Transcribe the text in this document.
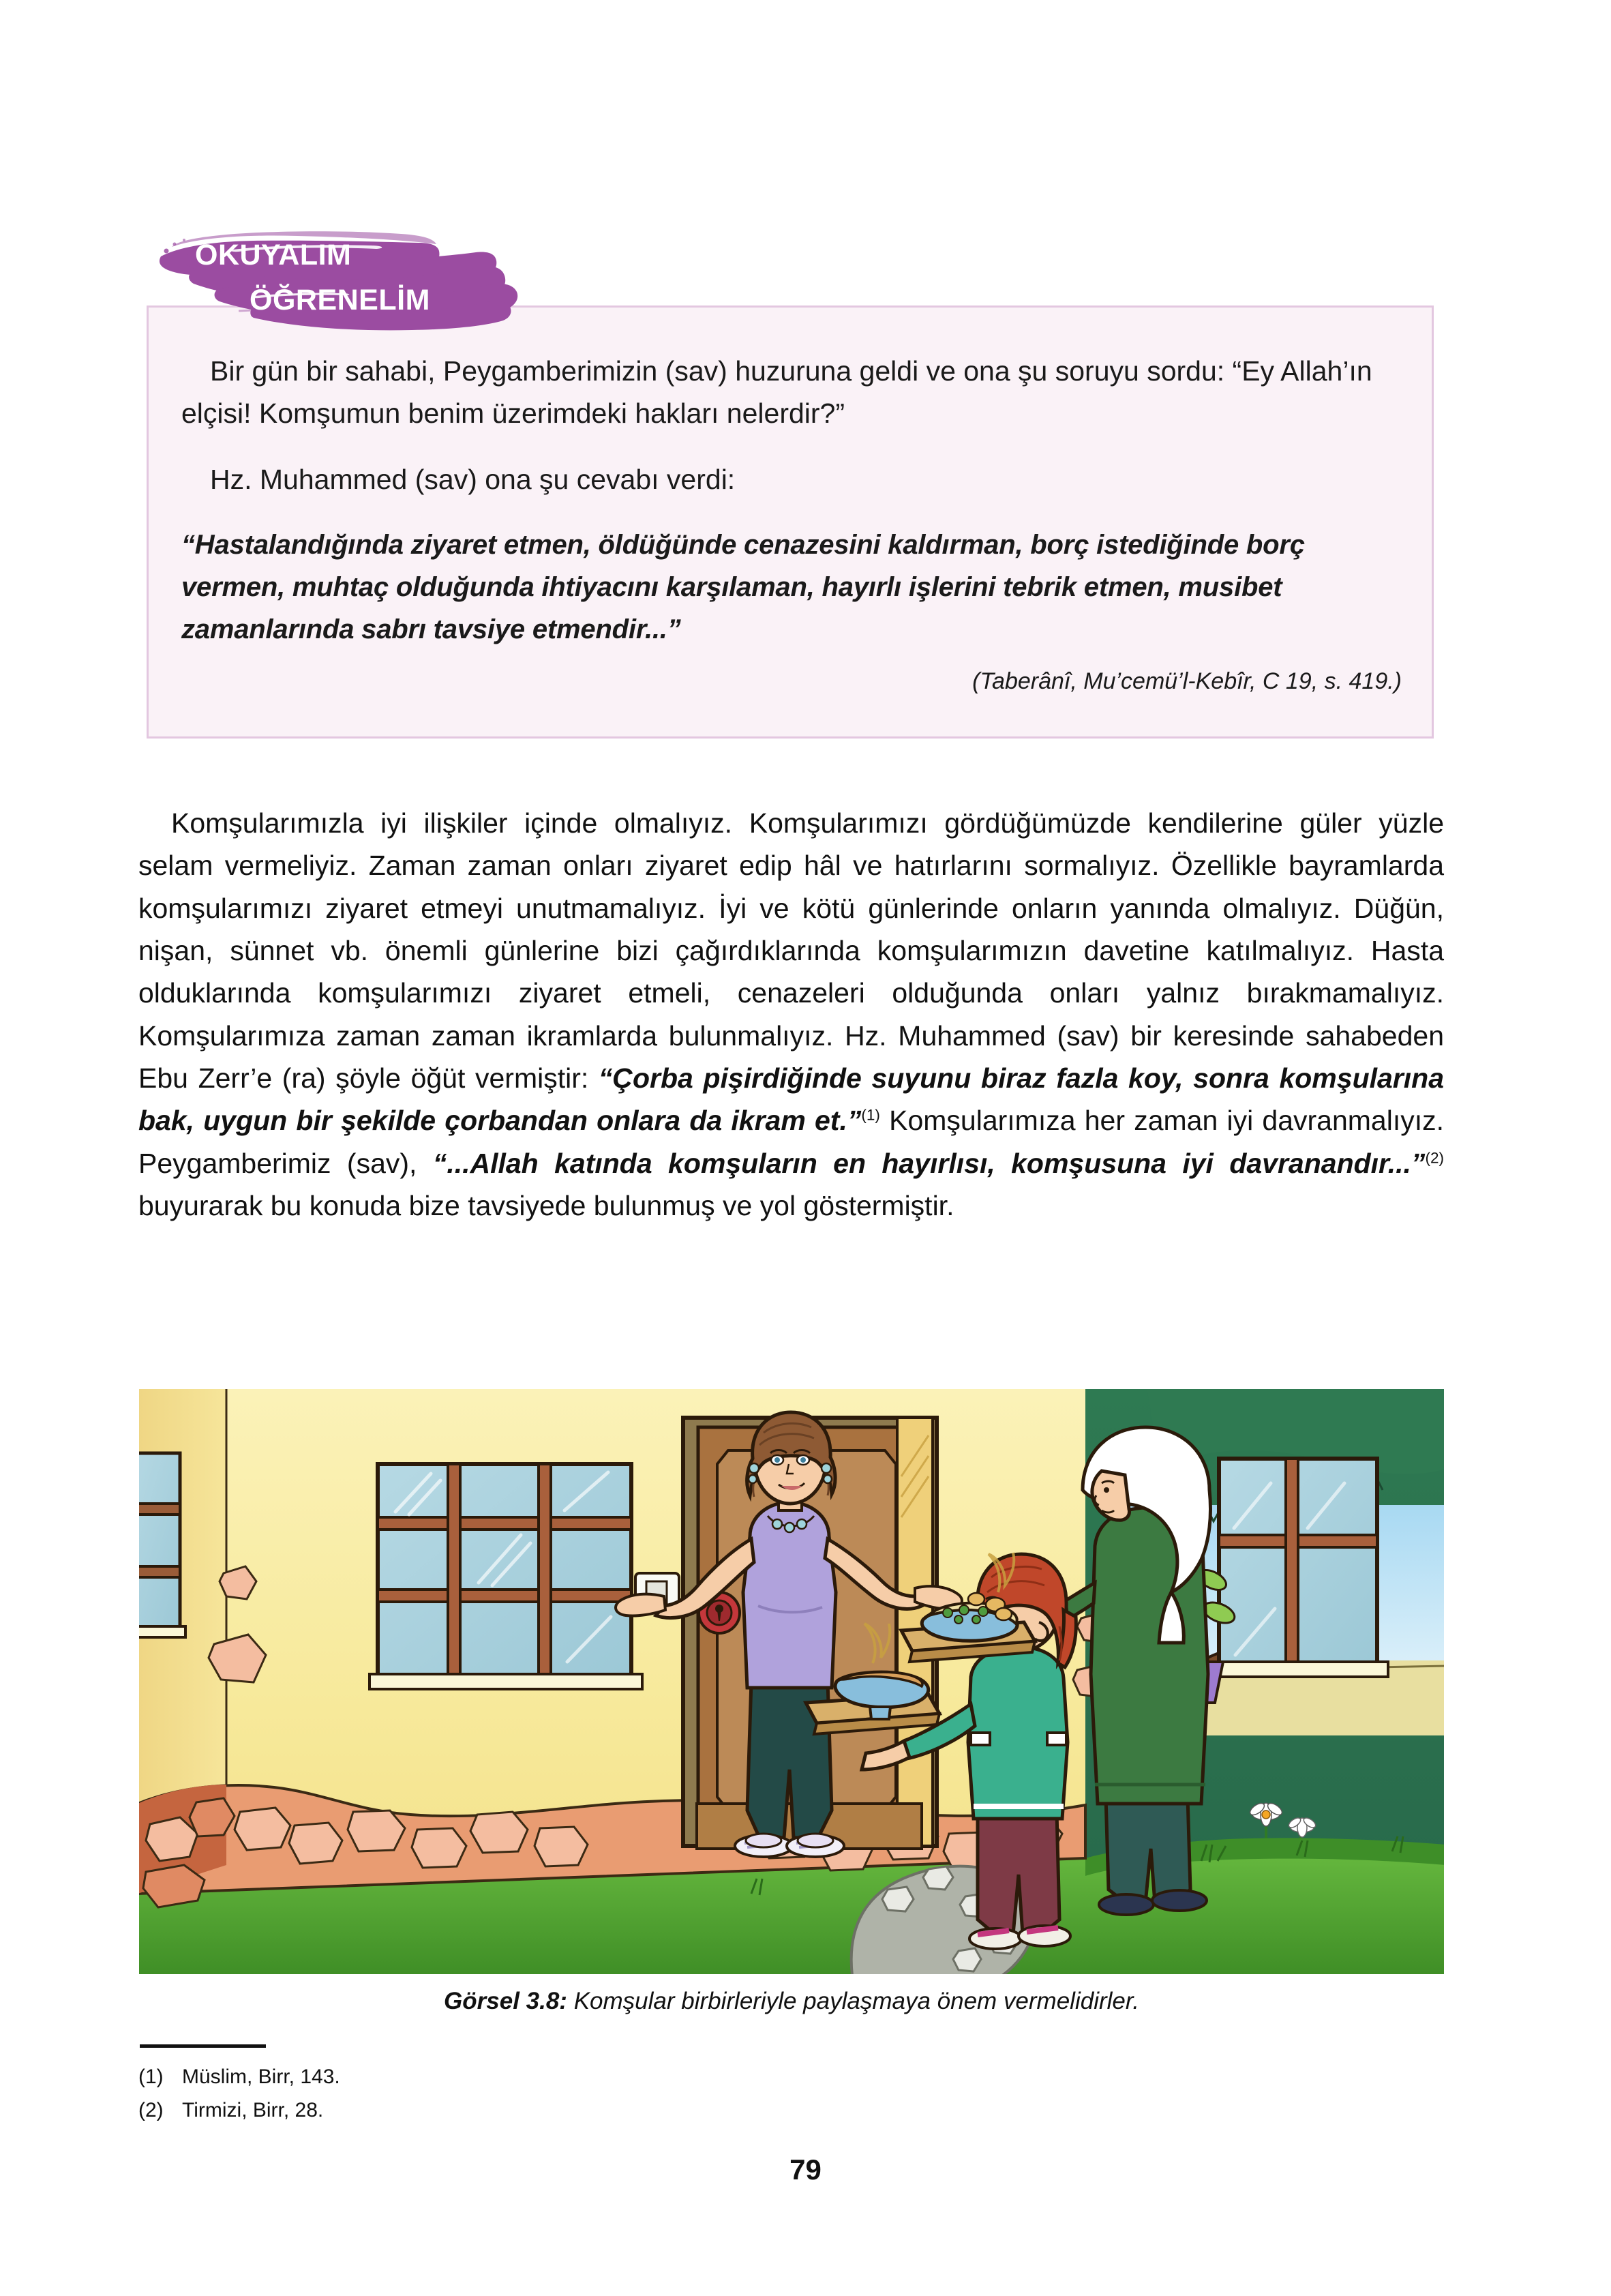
OKUYALIM
ÖĞRENELİM

Bir gün bir sahabi, Peygamberimizin (sav) huzuruna geldi ve ona şu soruyu sordu: “Ey Allah’ın elçisi! Komşumun benim üzerimdeki hakları nelerdir?”

Hz. Muhammed (sav) ona şu cevabı verdi:

“Hastalandığında ziyaret etmen, öldüğünde cenazesini kaldırman, borç istediğinde borç vermen, muhtaç olduğunda ihtiyacını karşılaman, hayırlı işlerini tebrik etmen, musibet zamanlarında sabrı tavsiye etmendir...”

(Taberânî, Mu’cemü’l-Kebîr, C 19, s. 419.)

Komşularımızla iyi ilişkiler içinde olmalıyız. Komşularımızı gördüğümüzde kendilerine güler yüzle selam vermeliyiz. Zaman zaman onları ziyaret edip hâl ve hatırlarını sormalıyız. Özellikle bayramlarda komşularımızı ziyaret etmeyi unutmamalıyız. İyi ve kötü günlerinde onların yanında olmalıyız. Düğün, nişan, sünnet vb. önemli günlerine bizi çağırdıklarında komşularımızın davetine katılmalıyız. Hasta olduklarında komşularımızı ziyaret etmeli, cenazeleri olduğunda onları yalnız bırakmamalıyız. Komşularımıza zaman zaman ikramlarda bulunmalıyız. Hz. Muhammed (sav) bir keresinde sahabeden Ebu Zerr’e (ra) şöyle öğüt vermiştir: “Çorba pişirdiğinde suyunu biraz fazla koy, sonra komşularına bak, uygun bir şekilde çorbandan onlara da ikram et.”$^{(1)}$ Komşularımıza her zaman iyi davranmalıyız. Peygamberimiz (sav), “...Allah katında komşuların en hayırlısı, komşusuna iyi davranandır...”$^{(2)}$ buyurarak bu konuda bize tavsiyede bulunmuş ve yol göstermiştir.
Görsel 3.8: Komşular birbirleriyle paylaşmaya önem vermelidirler.
(1) Müslim, Birr, 143.
(2) Tirmizi, Birr, 28.
79
